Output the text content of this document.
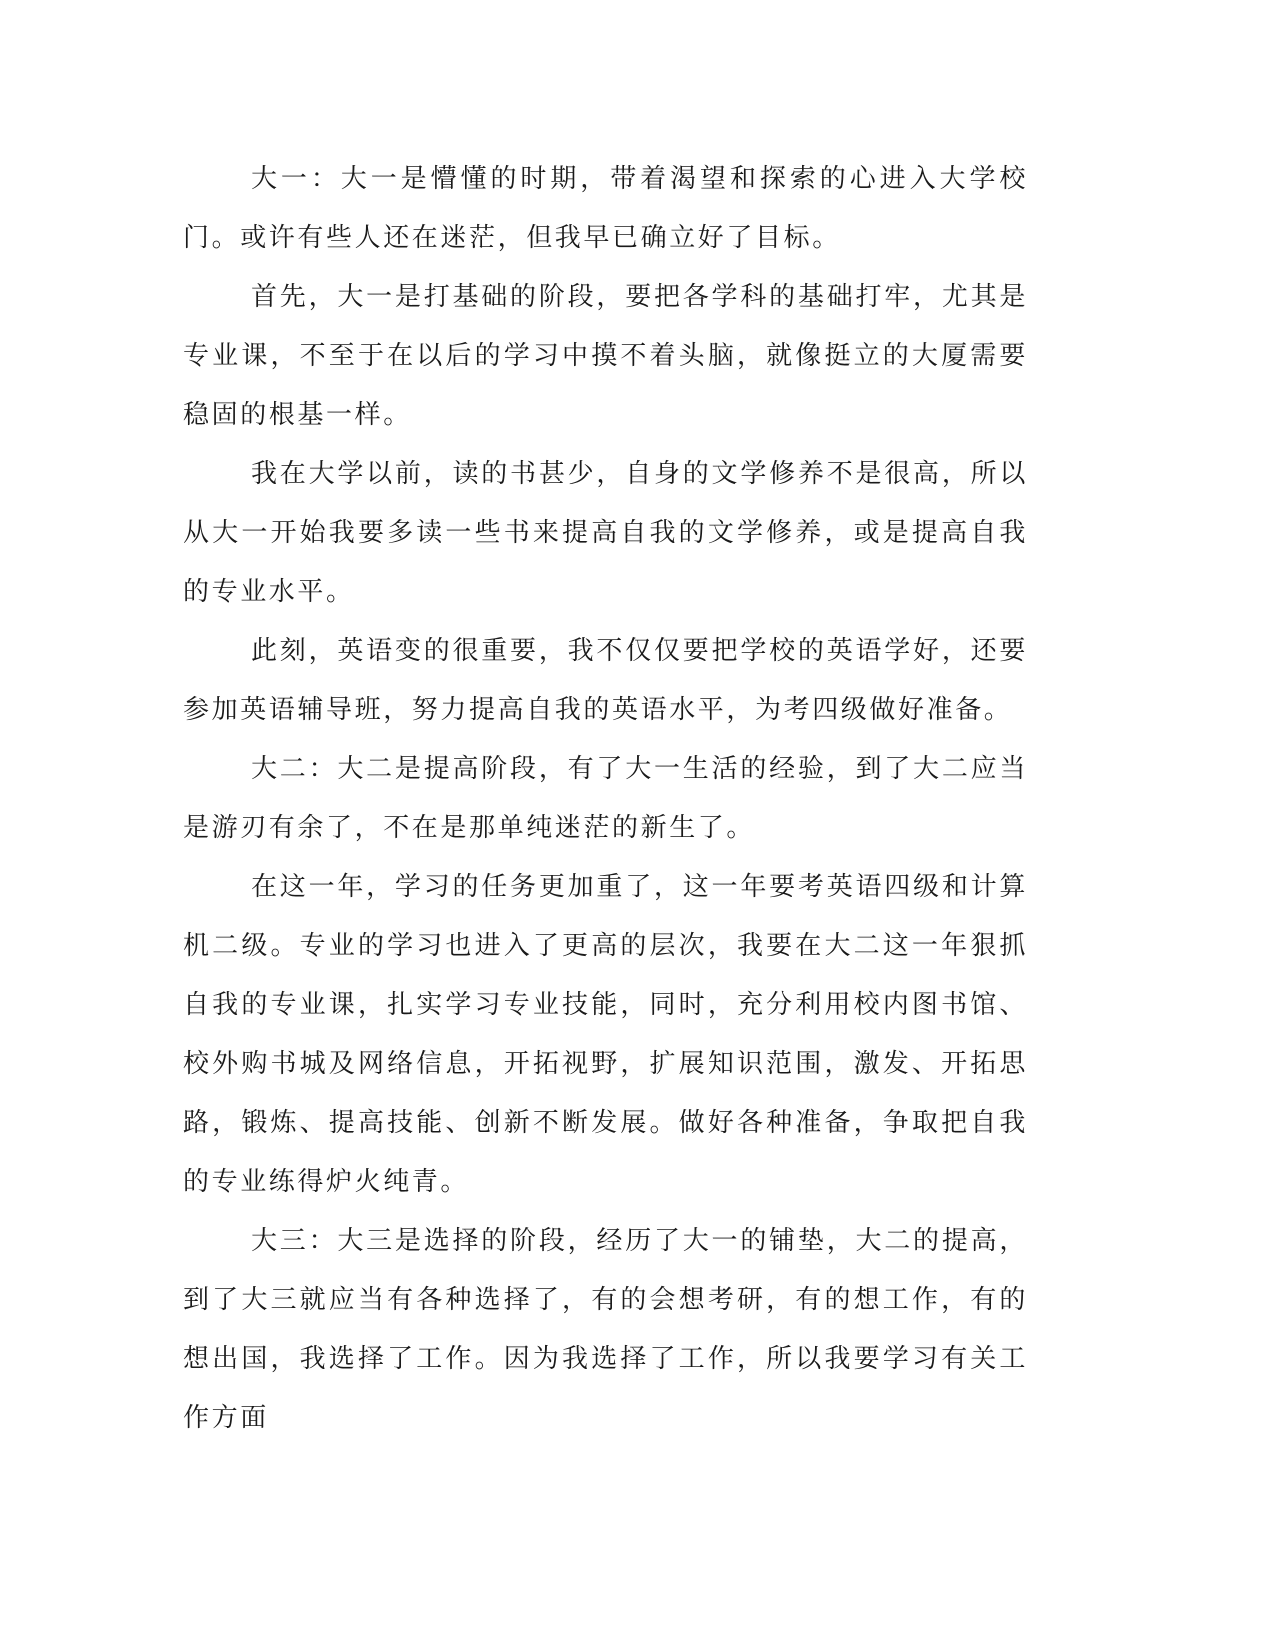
大一：大一是懵懂的时期，带着渴望和探索的心进入大学校门。或许有些人还在迷茫，但我早已确立好了目标。

首先，大一是打基础的阶段，要把各学科的基础打牢，尤其是专业课，不至于在以后的学习中摸不着头脑，就像挺立的大厦需要稳固的根基一样。

我在大学以前，读的书甚少，自身的文学修养不是很高，所以从大一开始我要多读一些书来提高自我的文学修养，或是提高自我的专业水平。

此刻，英语变的很重要，我不仅仅要把学校的英语学好，还要参加英语辅导班，努力提高自我的英语水平，为考四级做好准备。

大二：大二是提高阶段，有了大一生活的经验，到了大二应当是游刃有余了，不在是那单纯迷茫的新生了。

在这一年，学习的任务更加重了，这一年要考英语四级和计算机二级。专业的学习也进入了更高的层次，我要在大二这一年狠抓自我的专业课，扎实学习专业技能，同时，充分利用校内图书馆、校外购书城及网络信息，开拓视野，扩展知识范围，激发、开拓思路，锻炼、提高技能、创新不断发展。做好各种准备，争取把自我的专业练得炉火纯青。

大三：大三是选择的阶段，经历了大一的铺垫，大二的提高，到了大三就应当有各种选择了，有的会想考研，有的想工作，有的想出国，我选择了工作。因为我选择了工作，所以我要学习有关工作方面
